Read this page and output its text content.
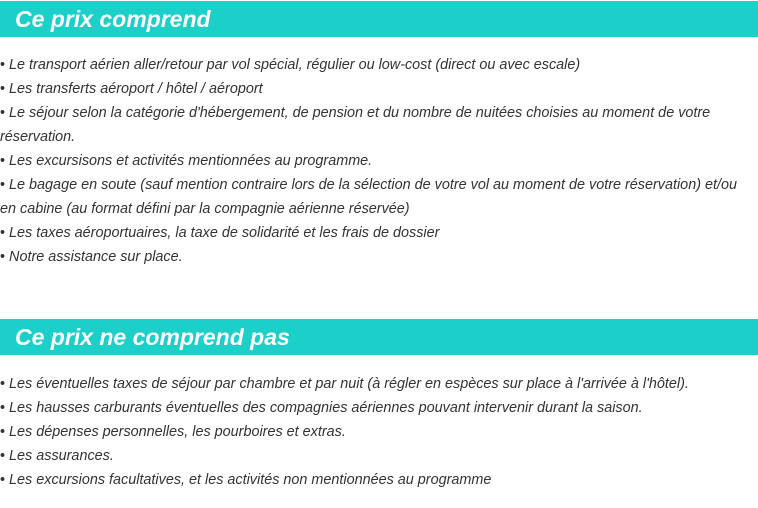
Ce prix comprend
• Le transport aérien aller/retour par vol spécial, régulier ou low-cost (direct ou avec escale)
• Les transferts aéroport / hôtel / aéroport
• Le séjour selon la catégorie d'hébergement, de pension et du nombre de nuitées choisies au moment de votre réservation.
• Les excursisons et activités mentionnées au programme.
• Le bagage en soute (sauf mention contraire lors de la sélection de votre vol au moment de votre réservation) et/ou en cabine (au format défini par la compagnie aérienne réservée)
• Les taxes aéroportuaires, la taxe de solidarité et les frais de dossier
• Notre assistance sur place.
Ce prix ne comprend pas
• Les éventuelles taxes de séjour par chambre et par nuit (à régler en espèces sur place à l'arrivée à l'hôtel).
• Les hausses carburants éventuelles des compagnies aériennes pouvant intervenir durant la saison.
• Les dépenses personnelles, les pourboires et extras.
• Les assurances.
• Les excursions facultatives, et les activités non mentionnées au programme
